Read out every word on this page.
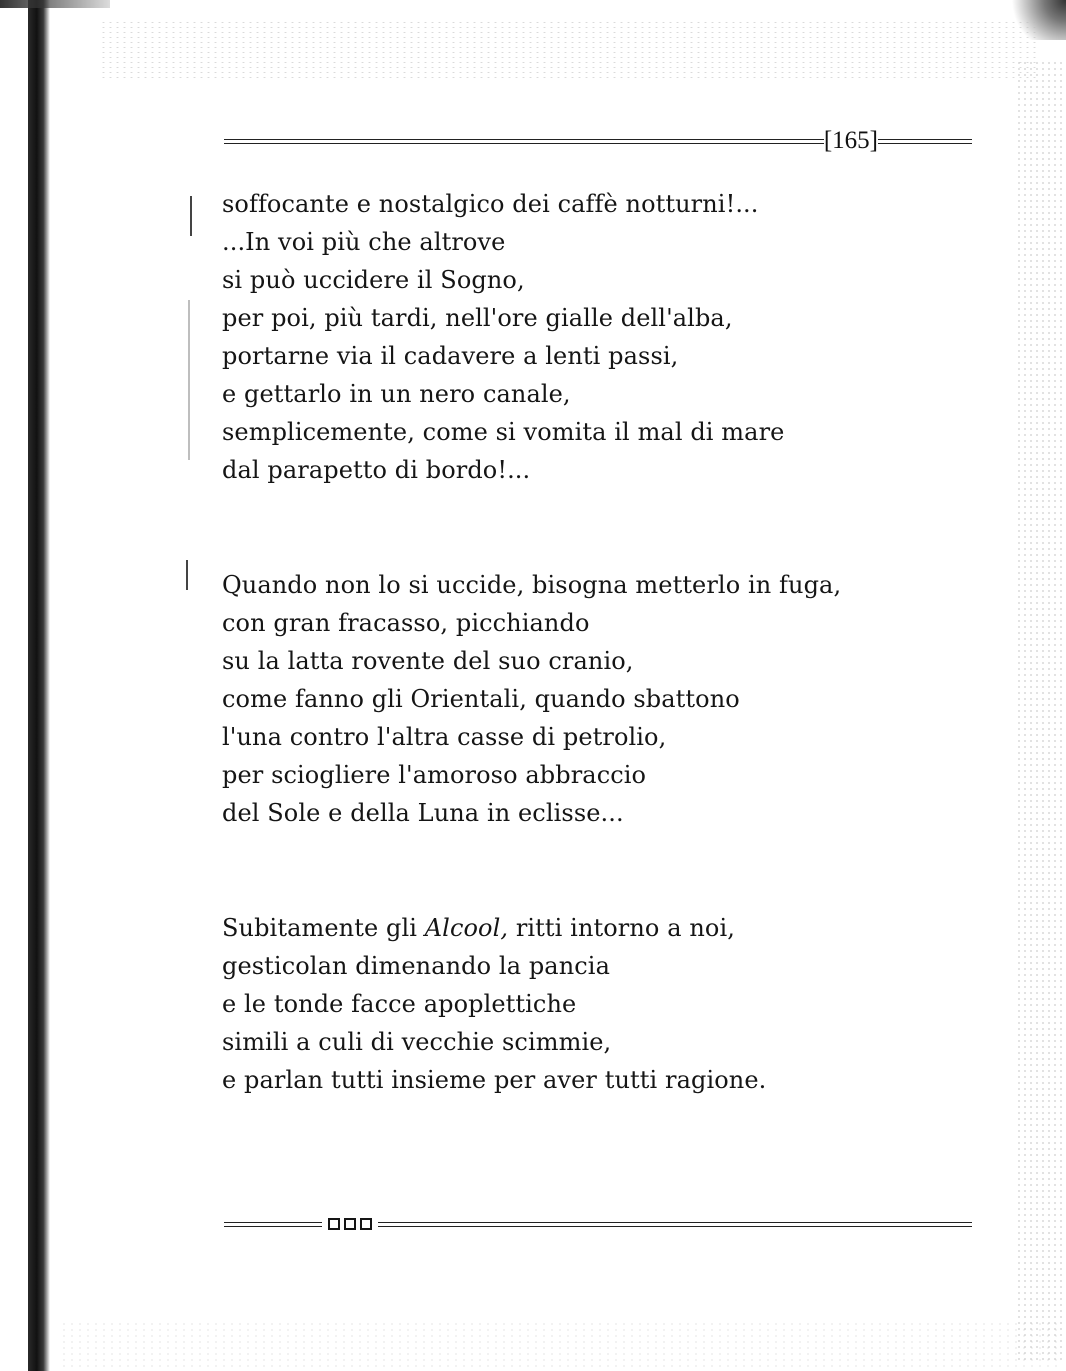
[165]
soffocante e nostalgico dei caffè notturni!...
...In voi più che altrove
si può uccidere il Sogno,
per poi, più tardi, nell'ore gialle dell'alba,
portarne via il cadavere a lenti passi,
e gettarlo in un nero canale,
semplicemente, come si vomita il mal di mare
dal parapetto di bordo!...
Quando non lo si uccide, bisogna metterlo in fuga,
con gran fracasso, picchiando
su la latta rovente del suo cranio,
come fanno gli Orientali, quando sbattono
l'una contro l'altra casse di petrolio,
per sciogliere l'amoroso abbraccio
del Sole e della Luna in eclisse...
Subitamente gli Alcool, ritti intorno a noi,
gesticolan dimenando la pancia
e le tonde facce apoplettiche
simili a culi di vecchie scimmie,
e parlan tutti insieme per aver tutti ragione.
